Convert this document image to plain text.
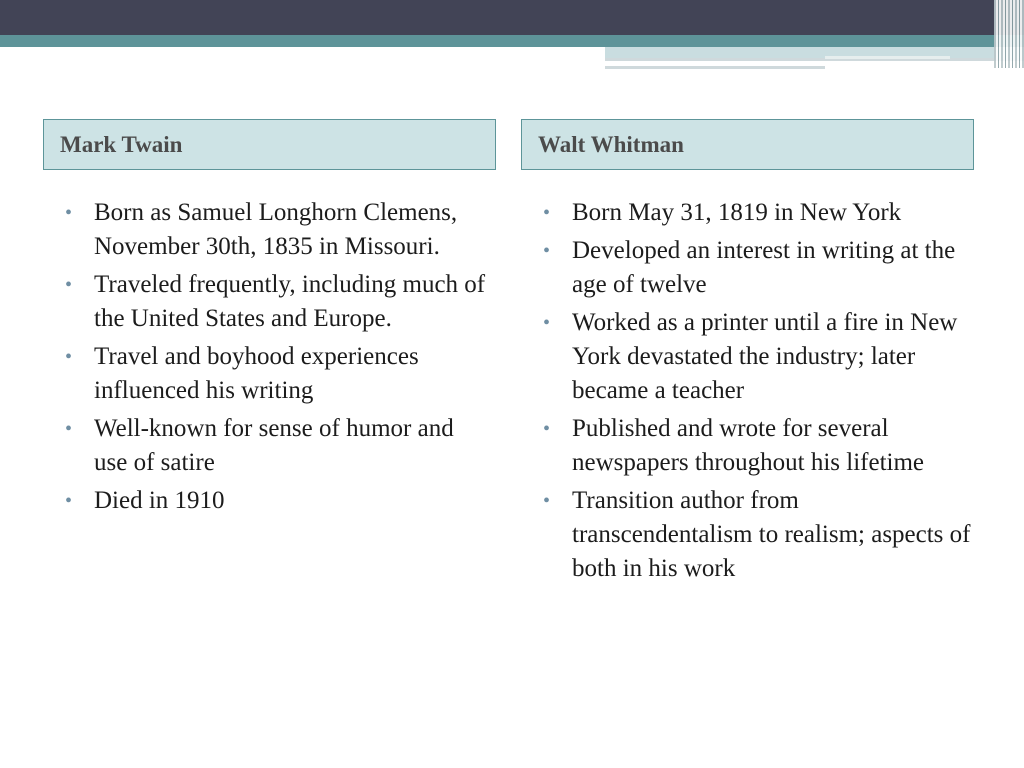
Mark Twain	Walt Whitman
• Born as Samuel Longhorn Clemens, November 30th, 1835 in Missouri.
• Traveled frequently, including much of the United States and Europe.
• Travel and boyhood experiences influenced his writing
• Well-known for sense of humor and use of satire
• Died in 1910
• Born May 31, 1819 in New York
• Developed an interest in writing at the age of twelve
• Worked as a printer until a fire in New York devastated the industry; later became a teacher
• Published and wrote for several newspapers throughout his lifetime
• Transition author from transcendentalism to realism; aspects of both in his work
